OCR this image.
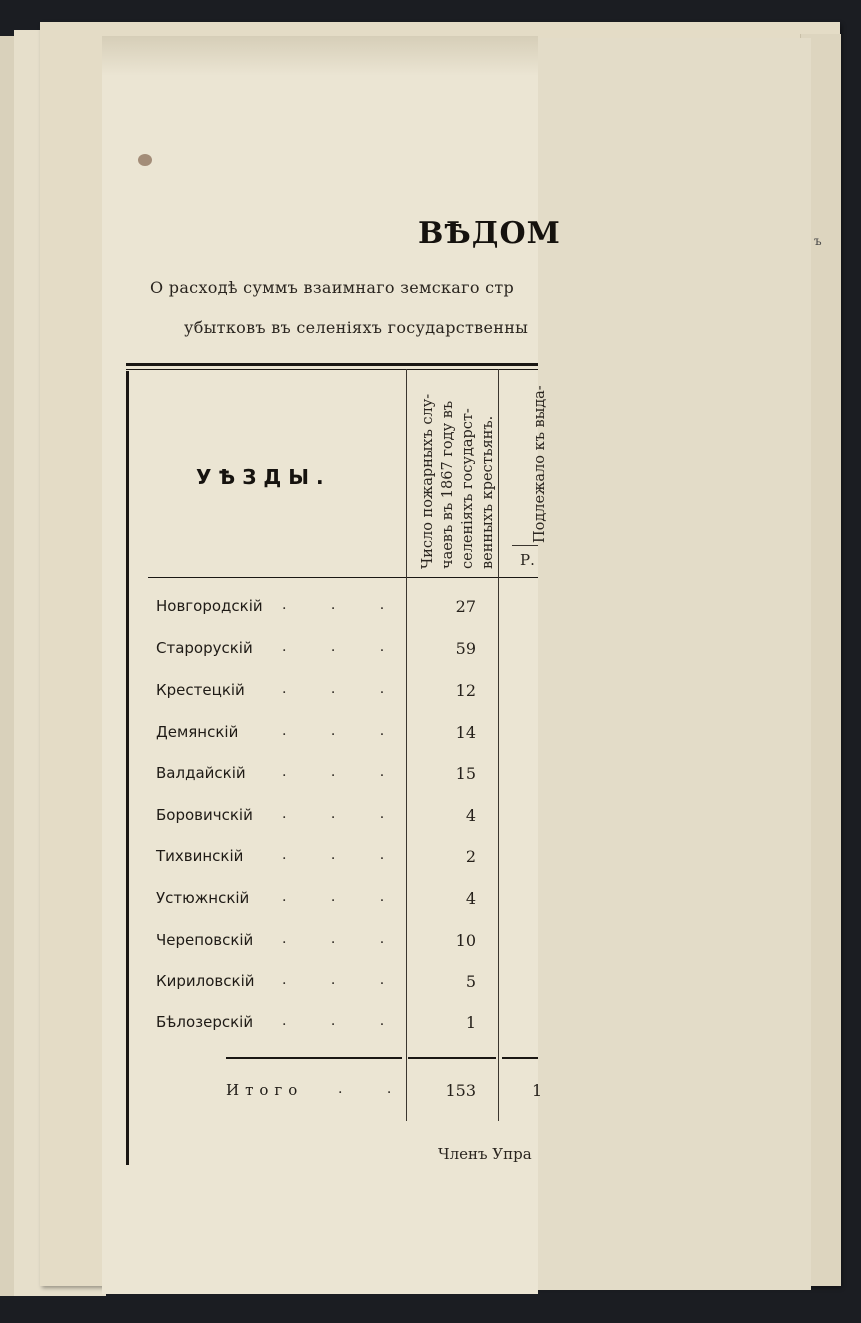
ъ
ВѢДОМ
О расходѣ суммъ взаимнаго земскаго стр
убытковъ въ селеніяхъ государственны
УѢЗДЫ.	Число пожарныхъ слу- чаевъ въ 1867 году въ селеніяхъ государст- венныхъ крестьянъ. Подлежало къ выда-
Р.
Новгородскій . . .	27
Старорускій . . .	59
Крестецкій	. . .	12
Демянскій	. . .	14
Валдайскій	. . .	15
Боровичскій . . .	4
Тихвинскій	. . .	2
Устюжнскій . . .	4
Череповскій . . .	10
Кириловскій . . .	5
Бѣлозерскій . . .	1
Итого . .	153	1
Членъ Упра
